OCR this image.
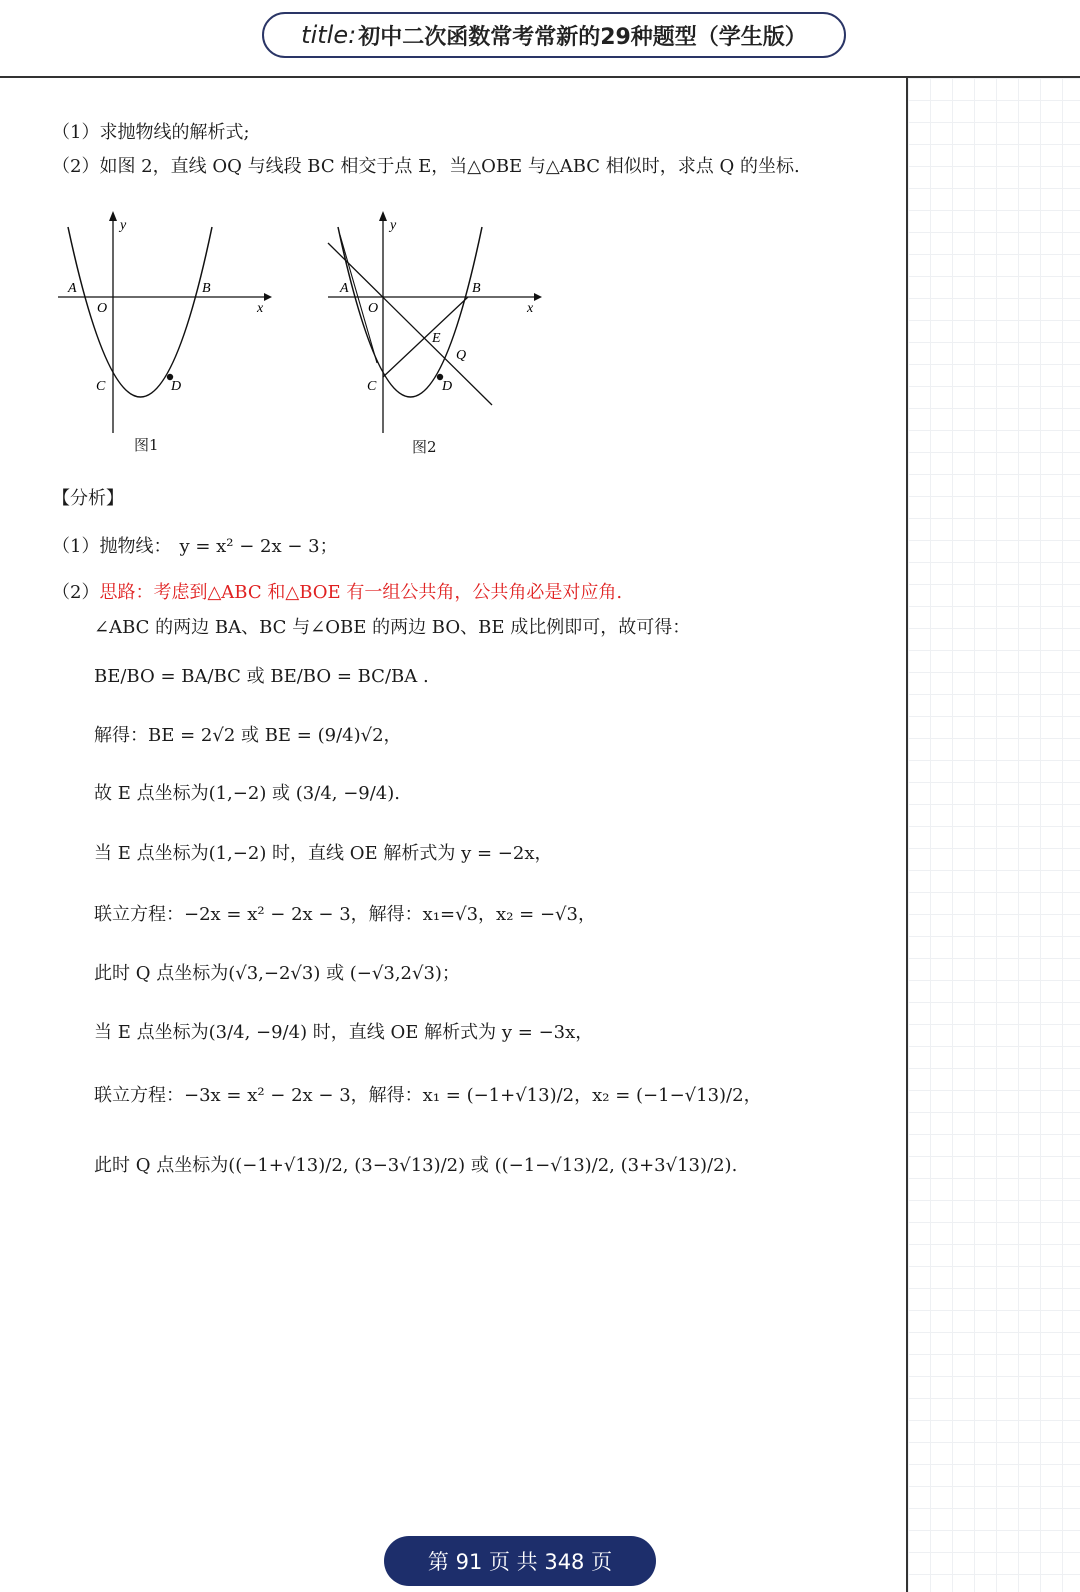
title: 初中二次函数常考常新的29种题型（学生版）
（1）求抛物线的解析式;
（2）如图 2，直线 OQ 与线段 BC 相交于点 E，当△OBE 与△ABC 相似时，求点 Q 的坐标.
y
x
A
O
B
C	D
图1
y
x
A
O
B
E
Q
C	D
图2
【分析】
（1）抛物线： y = x² − 2x − 3；
（2）思路：考虑到△ABC 和△BOE 有一组公共角，公共角必是对应角.
∠ABC 的两边 BA、BC 与∠OBE 的两边 BO、BE 成比例即可，故可得：
BE/BO = BA/BC 或 BE/BO = BC/BA .
解得：BE = 2√2 或 BE = (9/4)√2，
故 E 点坐标为(1,−2) 或 (3/4, −9/4).
当 E 点坐标为(1,−2) 时，直线 OE 解析式为 y = −2x，
联立方程：−2x = x² − 2x − 3，解得：x₁=√3，x₂ = −√3，
此时 Q 点坐标为(√3,−2√3) 或 (−√3,2√3)；
当 E 点坐标为(3/4, −9/4) 时，直线 OE 解析式为 y = −3x，
联立方程：−3x = x² − 2x − 3，解得：x₁ = (−1+√13)/2，x₂ = (−1−√13)/2，
此时 Q 点坐标为((−1+√13)/2, (3−3√13)/2) 或 ((−1−√13)/2, (3+3√13)/2).
第 91 页 共 348 页
